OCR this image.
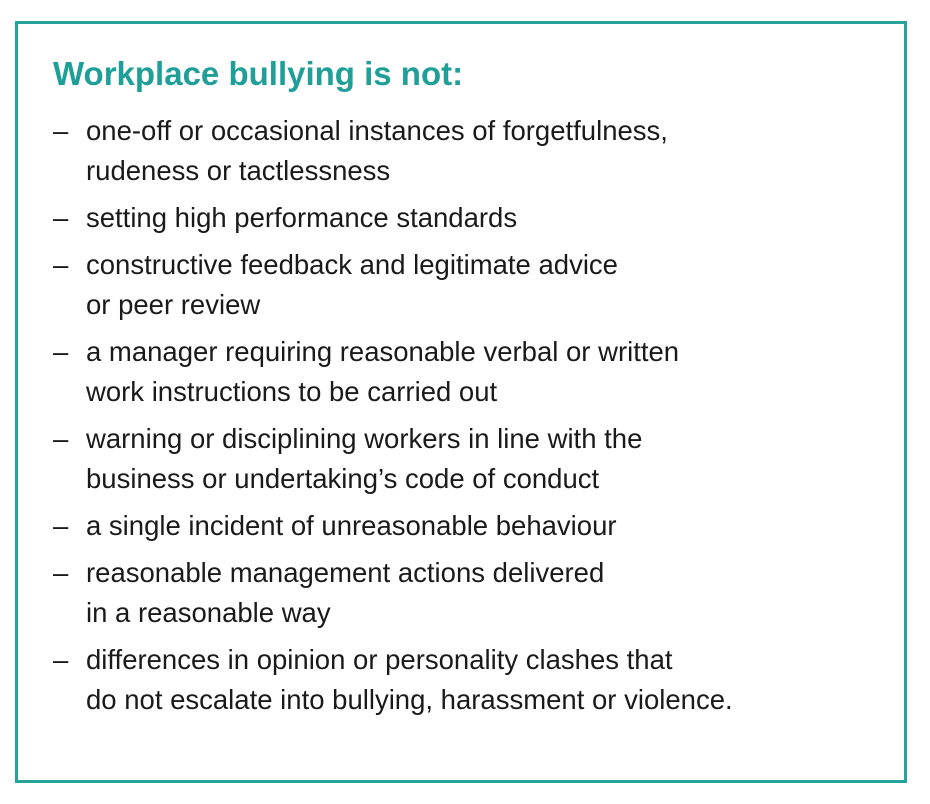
Workplace bullying is not:
– one-off or occasional instances of forgetfulness,
rudeness or tactlessness
– setting high performance standards
– constructive feedback and legitimate advice
or peer review
– a manager requiring reasonable verbal or written
work instructions to be carried out
– warning or disciplining workers in line with the
business or undertaking’s code of conduct
– a single incident of unreasonable behaviour
– reasonable management actions delivered
in a reasonable way
– differences in opinion or personality clashes that
do not escalate into bullying, harassment or violence.
